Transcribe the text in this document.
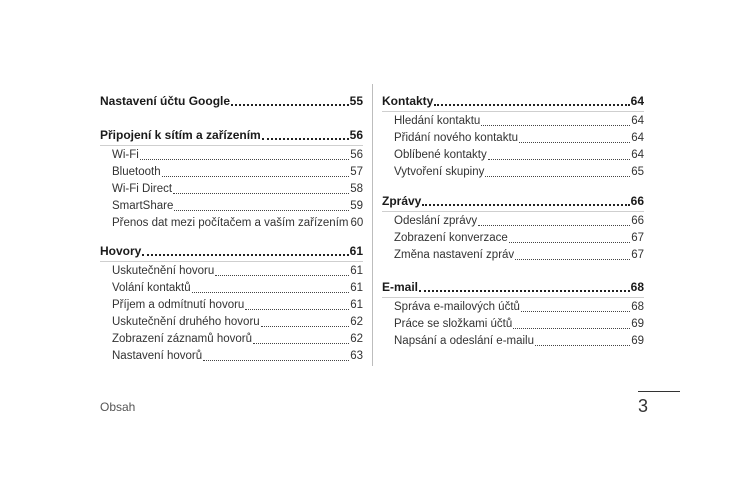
Nastavení účtu Google	55
Připojení k sítím a zařízením	56
Wi-Fi	56
Bluetooth	57
Wi-Fi Direct	58
SmartShare	59
Přenos dat mezi počítačem a vaším zařízením 60
Hovory	61
Uskutečnění hovoru	61
Volání kontaktů	61
Příjem a odmítnutí hovoru	61
Uskutečnění druhého hovoru	62
Zobrazení záznamů hovorů	62
Nastavení hovorů	63
Kontakty	64
Hledání kontaktu	64
Přidání nového kontaktu	64
Oblíbené kontakty	64
Vytvoření skupiny	65
Zprávy	66
Odeslání zprávy	66
Zobrazení konverzace	67
Změna nastavení zpráv	67
E-mail	68
Správa e-mailových účtů	68
Práce se složkami účtů	69
Napsání a odeslání e-mailu	69
Obsah	3
